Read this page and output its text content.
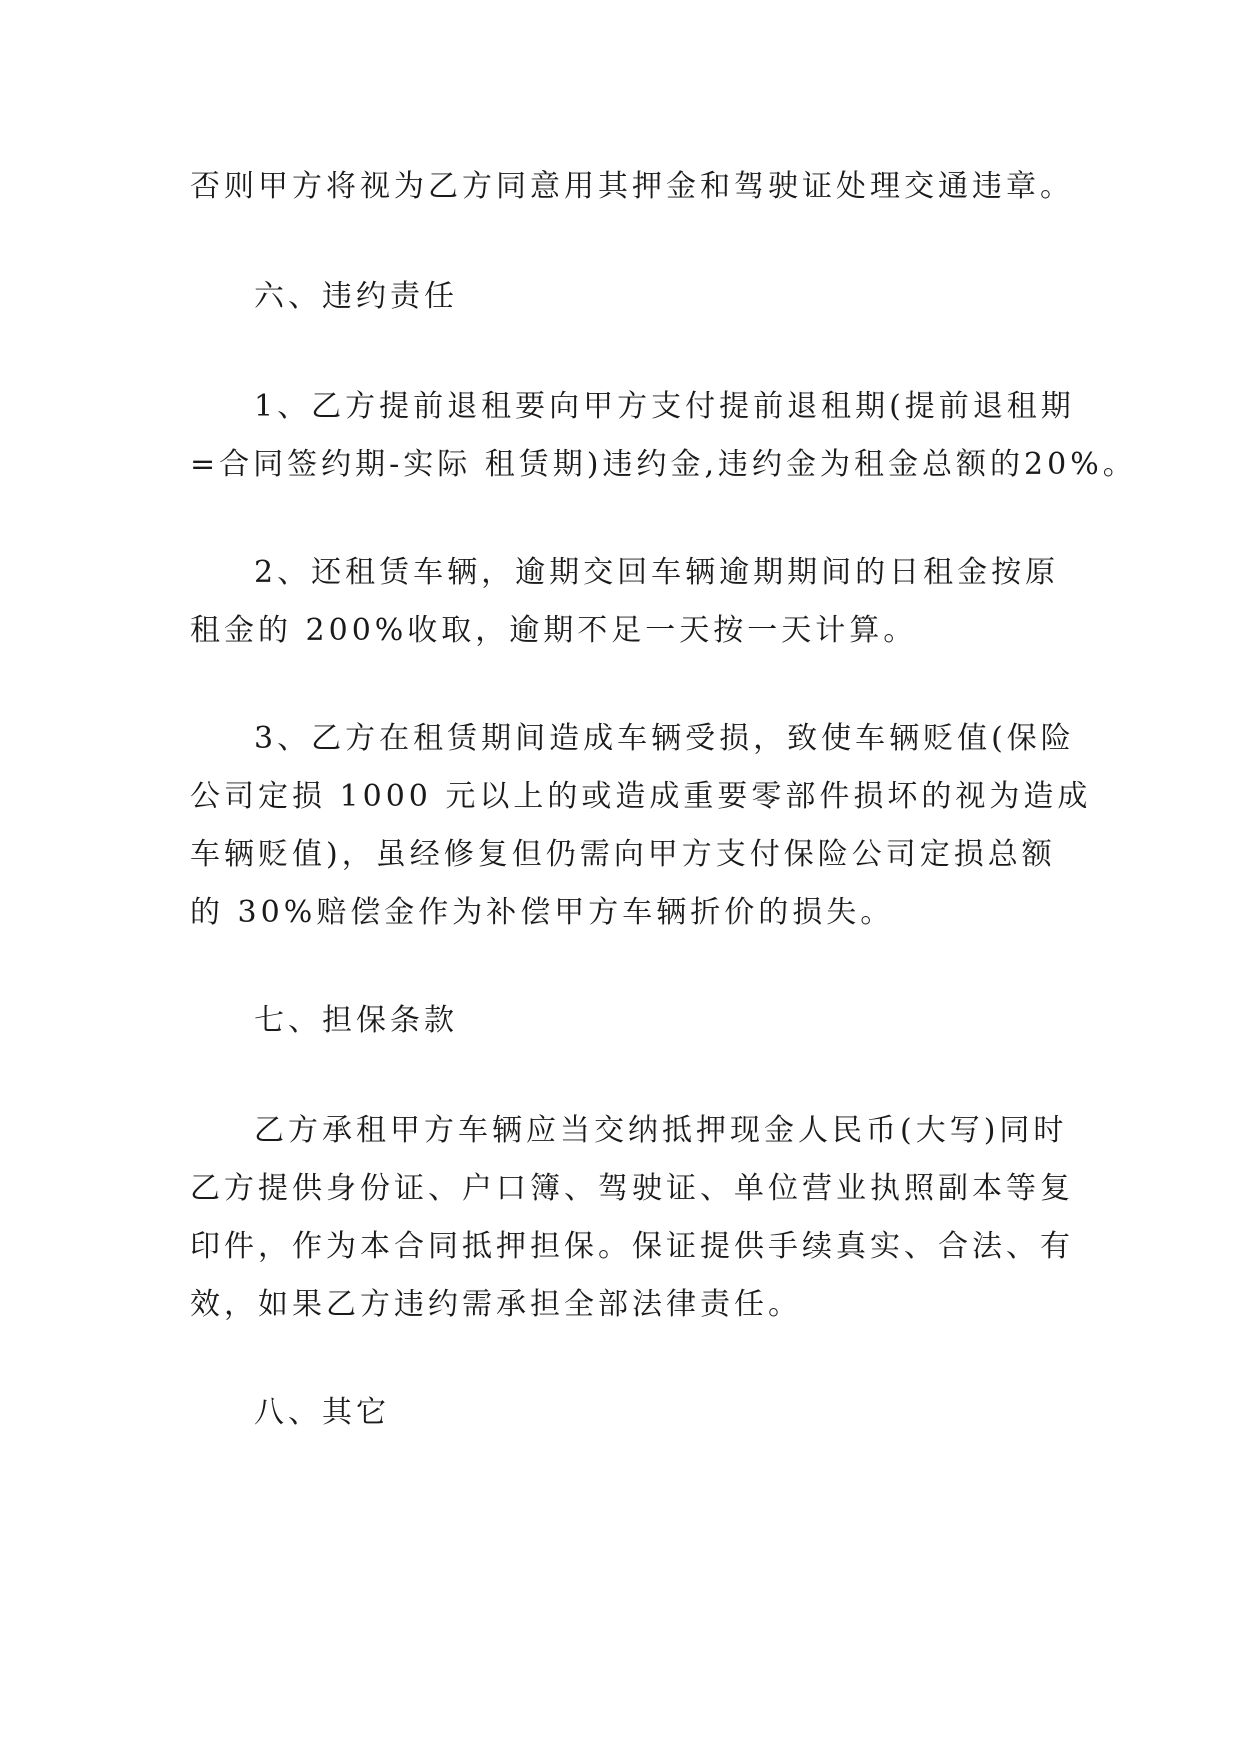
否则甲方将视为乙方同意用其押金和驾驶证处理交通违章。
六、违约责任
1、乙方提前退租要向甲方支付提前退租期(提前退租期
=合同签约期-实际 租赁期)违约金,违约金为租金总额的20%。
2、还租赁车辆，逾期交回车辆逾期期间的日租金按原
租金的 200%收取，逾期不足一天按一天计算。
3、乙方在租赁期间造成车辆受损，致使车辆贬值(保险
公司定损 1000 元以上的或造成重要零部件损坏的视为造成
车辆贬值)，虽经修复但仍需向甲方支付保险公司定损总额
的 30%赔偿金作为补偿甲方车辆折价的损失。
七、担保条款
乙方承租甲方车辆应当交纳抵押现金人民币(大写)同时
乙方提供身份证、户口簿、驾驶证、单位营业执照副本等复
印件，作为本合同抵押担保。保证提供手续真实、合法、有
效，如果乙方违约需承担全部法律责任。
八、其它
